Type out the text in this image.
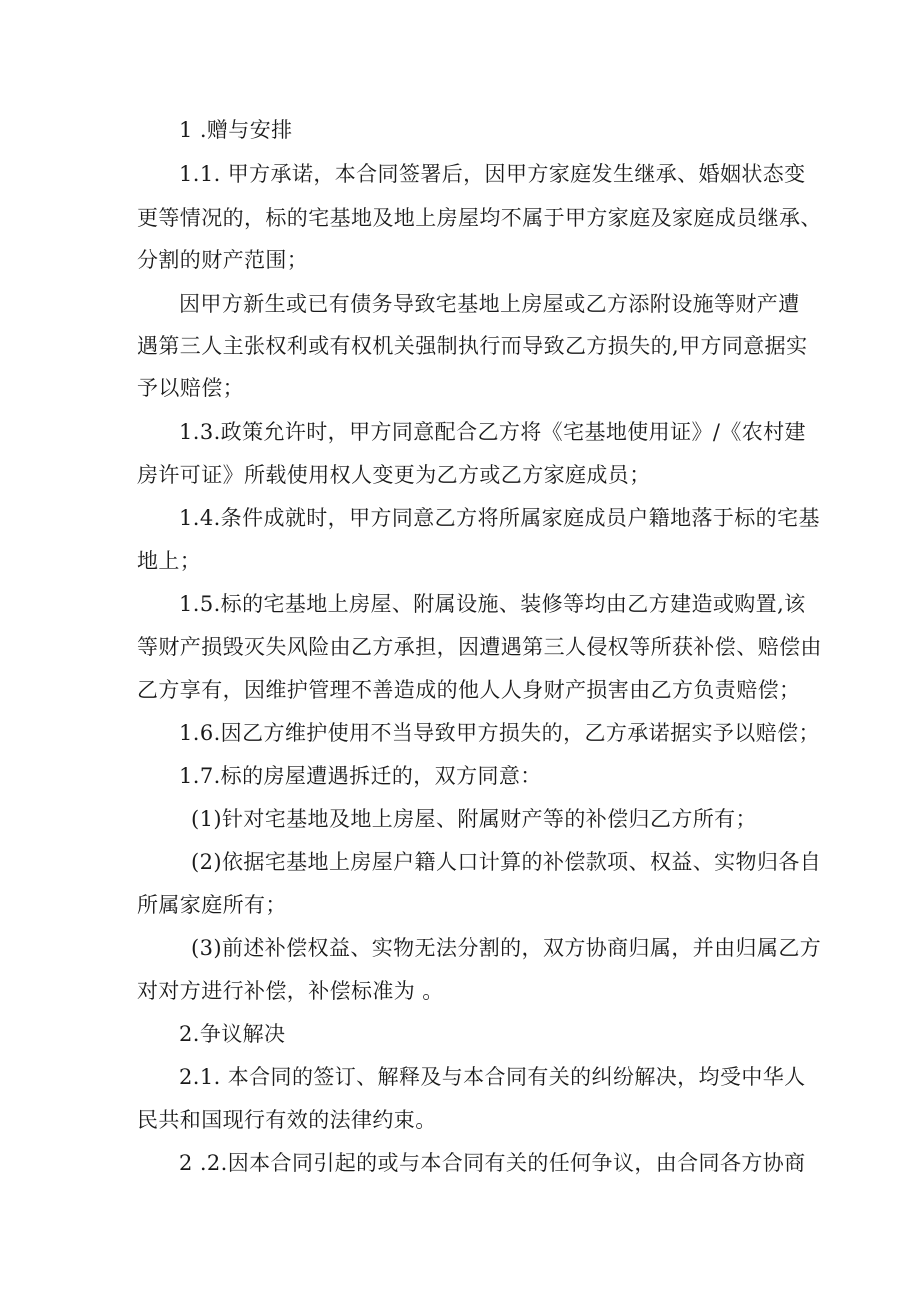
1 .赠与安排
1.1. 甲方承诺，本合同签署后，因甲方家庭发生继承、婚姻状态变
更等情况的，标的宅基地及地上房屋均不属于甲方家庭及家庭成员继承、
分割的财产范围；
因甲方新生或已有债务导致宅基地上房屋或乙方添附设施等财产遭
遇第三人主张权利或有权机关强制执行而导致乙方损失的,甲方同意据实
予以赔偿；
1.3.政策允许时，甲方同意配合乙方将《宅基地使用证》/《农村建
房许可证》所载使用权人变更为乙方或乙方家庭成员；
1.4.条件成就时，甲方同意乙方将所属家庭成员户籍地落于标的宅基
地上；
1.5.标的宅基地上房屋、附属设施、装修等均由乙方建造或购置,该
等财产损毁灭失风险由乙方承担，因遭遇第三人侵权等所获补偿、赔偿由
乙方享有，因维护管理不善造成的他人人身财产损害由乙方负责赔偿；
1.6.因乙方维护使用不当导致甲方损失的，乙方承诺据实予以赔偿；
1.7.标的房屋遭遇拆迁的，双方同意：
(1)针对宅基地及地上房屋、附属财产等的补偿归乙方所有；
(2)依据宅基地上房屋户籍人口计算的补偿款项、权益、实物归各自
所属家庭所有；
(3)前述补偿权益、实物无法分割的，双方协商归属，并由归属乙方
对对方进行补偿，补偿标准为 。
2.争议解决
2.1. 本合同的签订、解释及与本合同有关的纠纷解决，均受中华人
民共和国现行有效的法律约束。
2 .2.因本合同引起的或与本合同有关的任何争议，由合同各方协商
